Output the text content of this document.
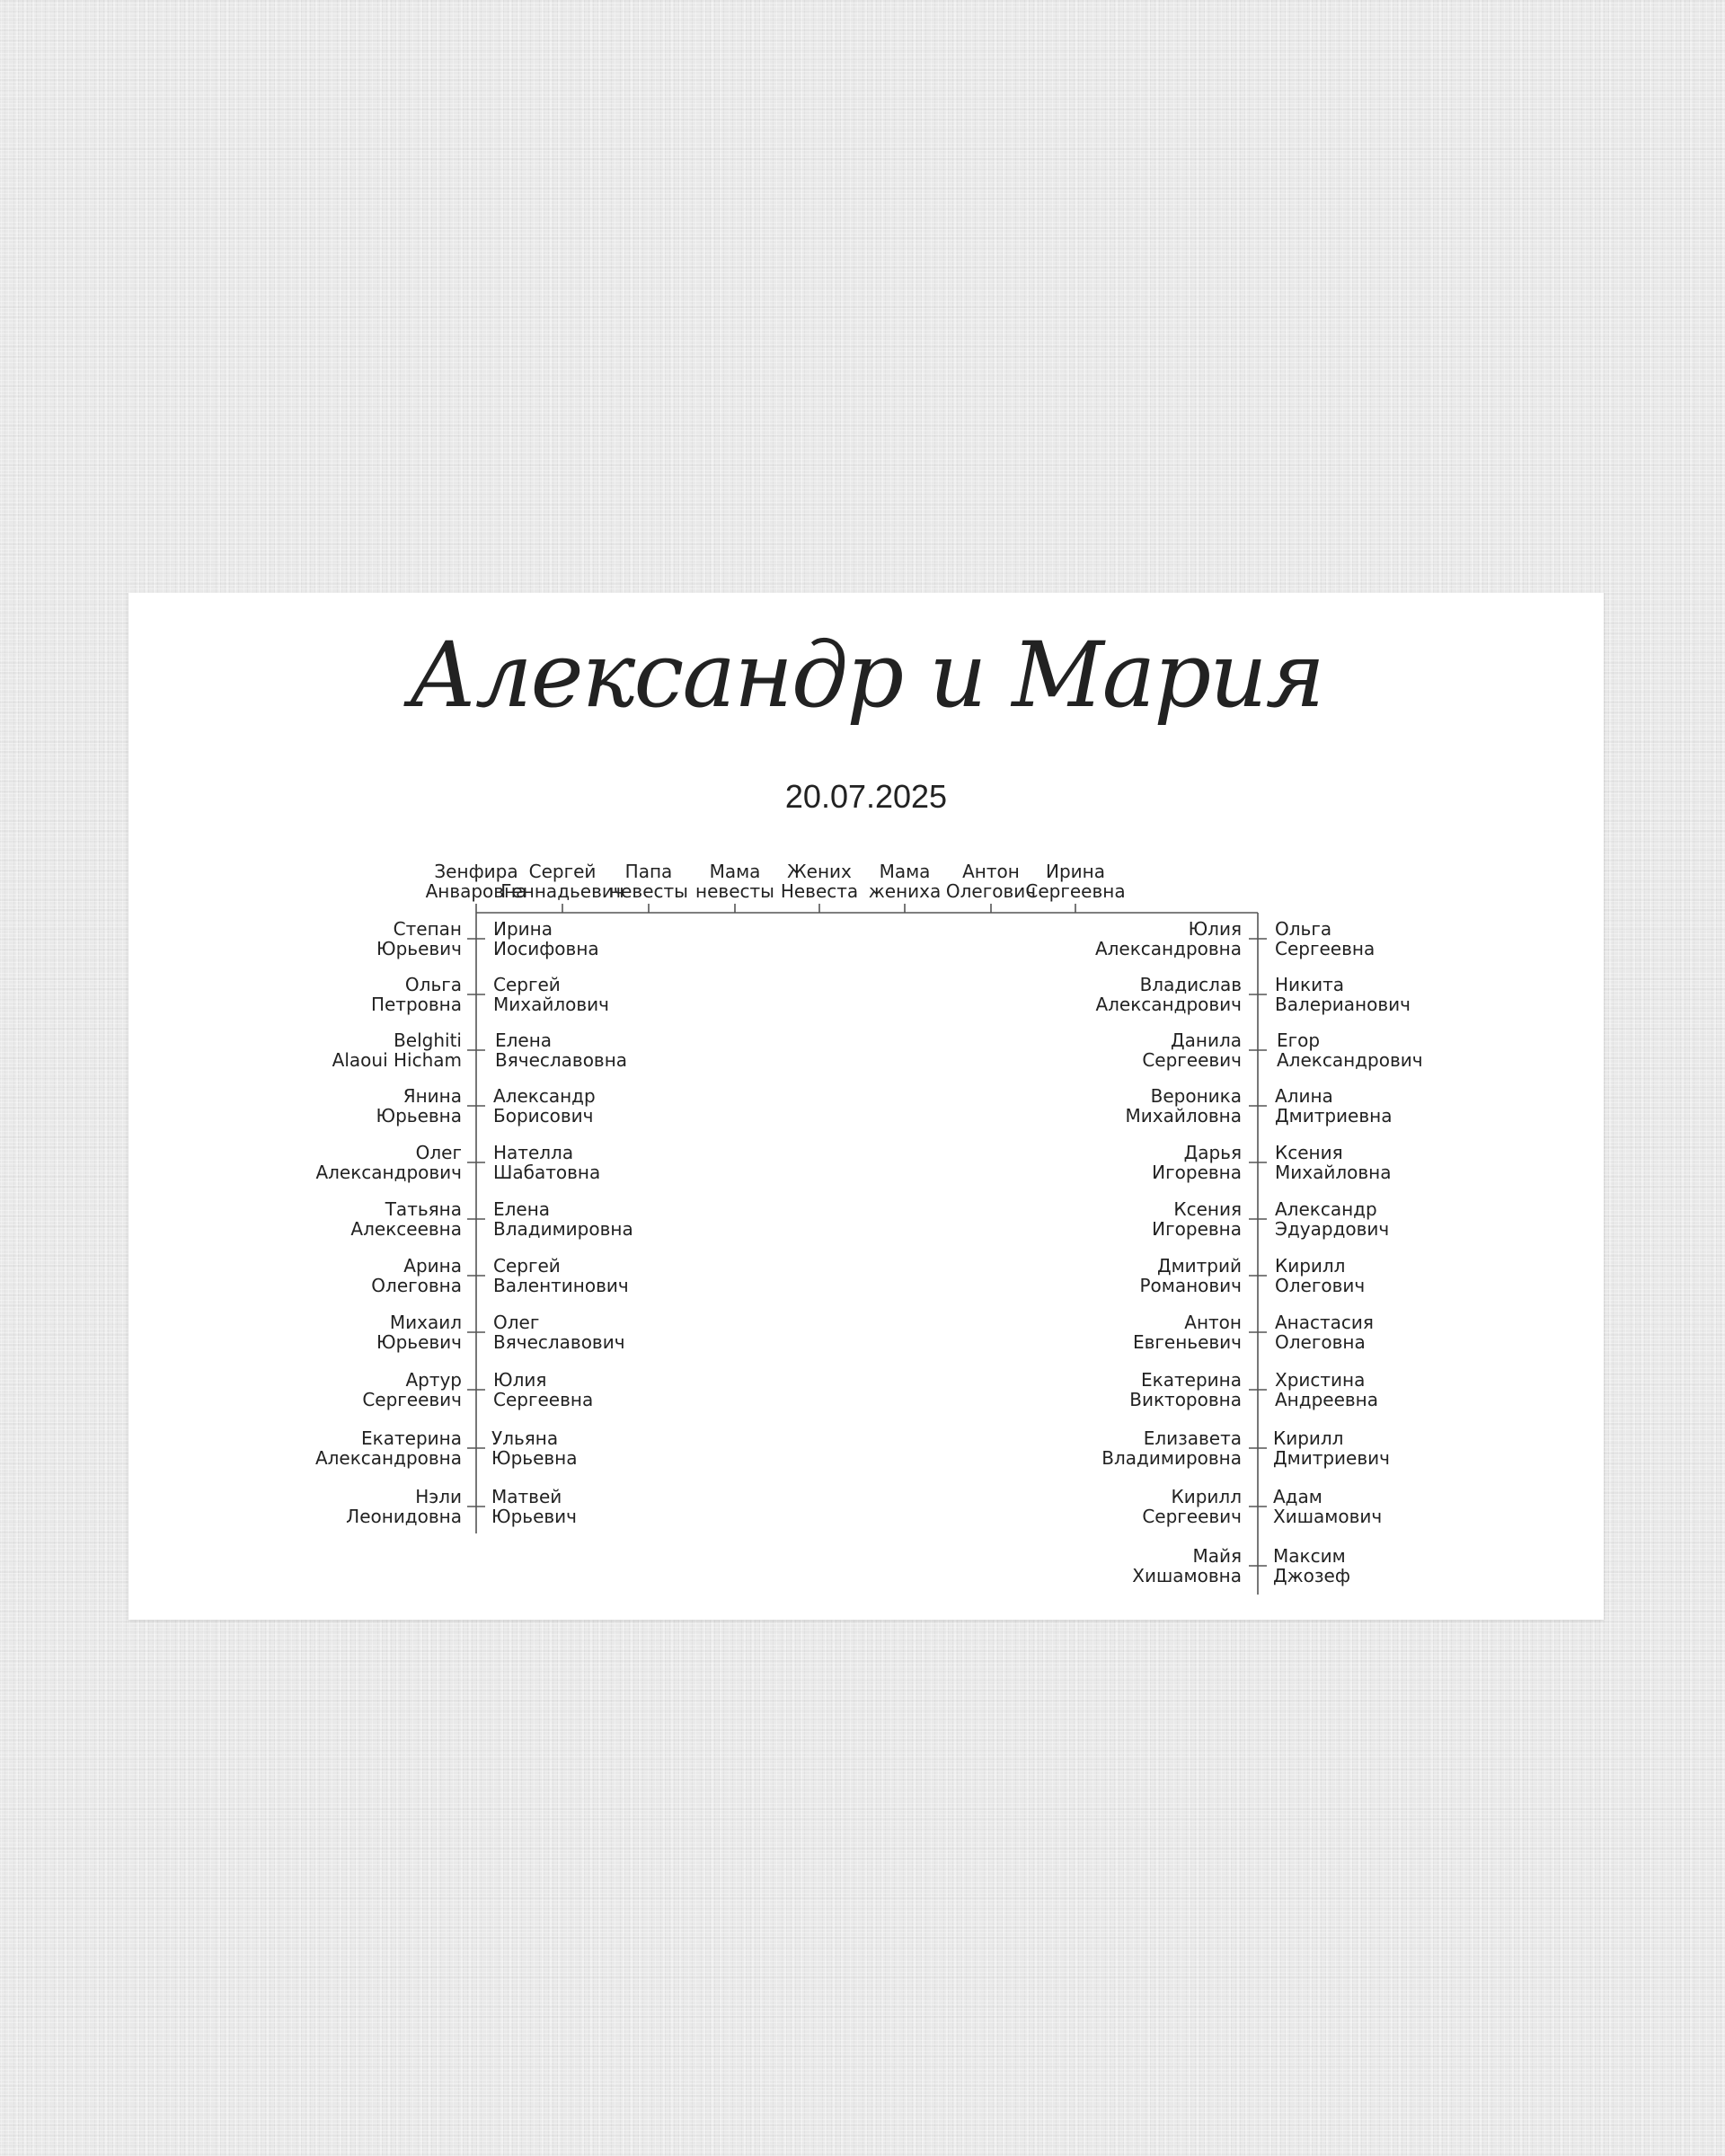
Александр и Мария
20.07.2025
Зенфира
Анваровна
Сергей
Геннадьевич
Папа
невесты
Мама
невесты
Жених
Невеста
Мама
жениха
Антон
Олегович
Ирина
Сергеевна
Степан
Юрьевич
Ольга
Петровна
Belghiti
Alaoui Hicham
Янина
Юрьевна
Олег
Александрович
Татьяна
Алексеевна
Арина
Олеговна
Михаил
Юрьевич
Артур
Сергеевич
Екатерина
Александровна
Нэли
Леонидовна
Ирина
Иосифовна
Сергей
Михайлович
Елена
Вячеславовна
Александр
Борисович
Нателла
Шабатовна
Елена
Владимировна
Сергей
Валентинович
Олег
Вячеславович
Юлия
Сергеевна
Ульяна
Юрьевна
Матвей
Юрьевич
Юлия
Александровна
Владислав
Александрович
Данила
Сергеевич
Вероника
Михайловна
Дарья
Игоревна
Ксения
Игоревна
Дмитрий
Романович
Антон
Евгеньевич
Екатерина
Викторовна
Елизавета
Владимировна
Кирилл
Сергеевич
Майя
Хишамовна
Ольга
Сергеевна
Никита
Валерианович
Егор
Александрович
Алина
Дмитриевна
Ксения
Михайловна
Александр
Эдуардович
Кирилл
Олегович
Анастасия
Олеговна
Христина
Андреевна
Кирилл
Дмитриевич
Адам
Хишамович
Максим
Джозеф
